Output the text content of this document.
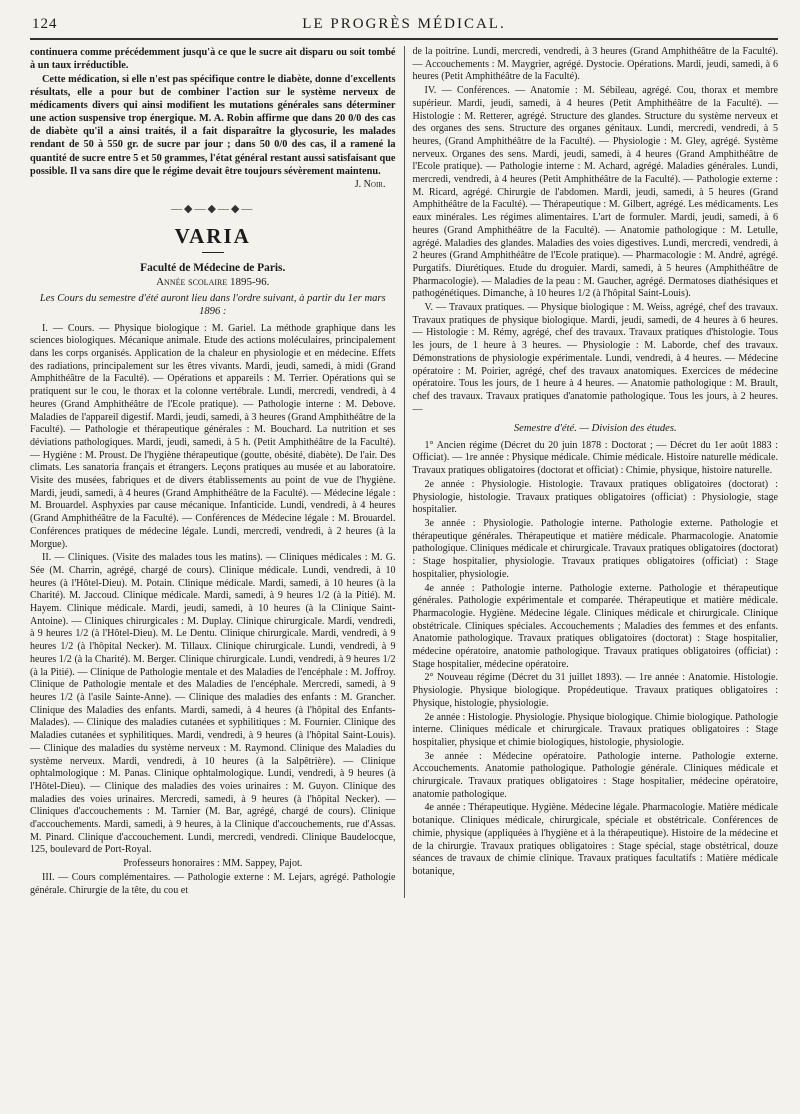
124	LE PROGRÈS MÉDICAL.

continuera comme précédemment jusqu'à ce que le sucre ait disparu ou soit tombé à un taux irréductible.

Cette médication, si elle n'est pas spécifique contre le diabète, donne d'excellents résultats, elle a pour but de combiner l'action sur le système nerveux de médicaments divers qui ainsi modifient les mutations générales sans déterminer une action suspensive trop énergique. M. A. Robin affirme que dans 20 0/0 des cas de diabète qu'il a ainsi traités, il a fait disparaître la glycosurie, les malades rendant de 50 à 550 gr. de sucre par jour ; dans 50 0/0 des cas, il a ramené la quantité de sucre entre 5 et 50 grammes, l'état général restant aussi satisfaisant que possible. Il va sans dire que le régime devait être toujours sévèrement maintenu.

J. Noir.
—◆—◆—◆—
VARIA
Faculté de Médecine de Paris.
Année scolaire 1895-96.
Les Cours du semestre d'été auront lieu dans l'ordre suivant, à partir du 1er mars 1896 :

I. — Cours. — Physique biologique : M. Gariel. La méthode graphique dans les sciences biologiques. Mécanique animale. Etude des actions moléculaires, principalement dans les corps organisés. Application de la chaleur en physiologie et en médecine. Effets des radiations, principalement sur les êtres vivants. Mardi, jeudi, samedi, à midi (Grand Amphithéâtre de la Faculté). — Opérations et appareils : M. Terrier. Opérations qui se pratiquent sur le cou, le thorax et la colonne vertébrale. Lundi, mercredi, vendredi, à 4 heures (Grand Amphithéâtre de l'Ecole pratique). — Pathologie interne : M. Debove. Maladies de l'appareil digestif. Mardi, jeudi, samedi, à 3 heures (Grand Amphithéâtre de la Faculté). — Pathologie et thérapeutique générales : M. Bouchard. La nutrition et ses déviations pathologiques. Mardi, jeudi, samedi, à 5 h. (Petit Amphithéâtre de la Faculté). — Hygiène : M. Proust. De l'hygiène thérapeutique (goutte, obésité, diabète). De l'air. Des climats. Les sanatoria français et étrangers. Leçons pratiques au musée et au laboratoire. Visite des musées, fabriques et de divers établissements au point de vue de l'hygiène. Mardi, jeudi, samedi, à 4 heures (Grand Amphithéâtre de la Faculté). — Médecine légale : M. Brouardel. Asphyxies par cause mécanique. Infanticide. Lundi, vendredi, à 4 heures (Grand Amphithéâtre de la Faculté). — Conférences de Médecine légale : M. Brouardel. Conférences pratiques de médecine légale. Lundi, mercredi, vendredi, à 2 heures (à la Morgue).

II. — Cliniques. (Visite des malades tous les matins). — Cliniques médicales : M. G. Sée (M. Charrin, agrégé, chargé de cours). Clinique médicale. Lundi, vendredi, à 10 heures (à l'Hôtel-Dieu). M. Potain. Clinique médicale. Mardi, samedi, à 10 heures (à la Charité). M. Jaccoud. Clinique médicale. Mardi, samedi, à 9 heures 1/2 (à la Pitié). M. Hayem. Clinique médicale. Mardi, jeudi, samedi, à 10 heures (à la Clinique Saint-Antoine). — Cliniques chirurgicales : M. Duplay. Clinique chirurgicale. Mardi, vendredi, à 9 heures 1/2 (à l'Hôtel-Dieu). M. Le Dentu. Clinique chirurgicale. Mardi, vendredi, à 9 heures 1/2 (à l'hôpital Necker). M. Tillaux. Clinique chirurgicale. Lundi, vendredi, à 9 heures 1/2 (à la Charité). M. Berger. Clinique chirurgicale. Lundi, vendredi, à 9 heures 1/2 (à la Pitié). — Clinique de Pathologie mentale et des Maladies de l'encéphale : M. Joffroy. Clinique de Pathologie mentale et des Maladies de l'encéphale. Mercredi, samedi, à 9 heures 1/2 (à l'asile Sainte-Anne). — Clinique des maladies des enfants : M. Grancher. Clinique des Maladies des enfants. Mardi, samedi, à 4 heures (à l'hôpital des Enfants-Malades). — Clinique des maladies cutanées et syphilitiques : M. Fournier. Clinique des Maladies cutanées et syphilitiques. Mardi, vendredi, à 9 heures (à l'hôpital Saint-Louis). — Clinique des maladies du système nerveux : M. Raymond. Clinique des Maladies du système nerveux. Mardi, vendredi, à 10 heures (à la Salpêtrière). — Clinique ophtalmologique : M. Panas. Clinique ophtalmologique. Lundi, vendredi, à 9 heures (à l'Hôtel-Dieu). — Clinique des maladies des voies urinaires : M. Guyon. Clinique des maladies des voies urinaires. Mercredi, samedi, à 9 heures (à l'hôpital Necker). — Cliniques d'accouchements : M. Tarnier (M. Bar, agrégé, chargé de cours). Clinique d'accouchements. Mardi, samedi, à 9 heures, à la Clinique d'accouchements, rue d'Assas. M. Pinard. Clinique d'accouchement. Lundi, mercredi, vendredi. Clinique Baudelocque, 125, boulevard de Port-Royal.

Professeurs honoraires : MM. Sappey, Pajot.

III. — Cours complémentaires. — Pathologie externe : M. Lejars, agrégé. Pathologie générale. Chirurgie de la tête, du cou et

de la poitrine. Lundi, mercredi, vendredi, à 3 heures (Grand Amphithéâtre de la Faculté). — Accouchements : M. Maygrier, agrégé. Dystocie. Opérations. Mardi, jeudi, samedi, à 6 heures (Petit Amphithéâtre de la Faculté).

IV. — Conférences. — Anatomie : M. Sébileau, agrégé. Cou, thorax et membre supérieur. Mardi, jeudi, samedi, à 4 heures (Petit Amphithéâtre de la Faculté). — Histologie : M. Retterer, agrégé. Structure des glandes. Structure du système nerveux et des organes des sens. Structure des organes génitaux. Lundi, mercredi, vendredi, à 5 heures, (Grand Amphithéâtre de la Faculté). — Physiologie : M. Gley, agrégé. Système nerveux. Organes des sens. Mardi, jeudi, samedi, à 4 heures (Grand Amphithéâtre de l'Ecole pratique). — Pathologie interne : M. Achard, agrégé. Maladies générales. Lundi, mercredi, vendredi, à 4 heures (Petit Amphithéâtre de la Faculté). — Pathologie externe : M. Ricard, agrégé. Chirurgie de l'abdomen. Mardi, jeudi, samedi, à 5 heures (Grand Amphithéâtre de la Faculté). — Thérapeutique : M. Gilbert, agrégé. Les médicaments. Les eaux minérales. Les régimes alimentaires. L'art de formuler. Mardi, jeudi, samedi, à 6 heures (Grand Amphithéâtre de la Faculté). — Anatomie pathologique : M. Letulle, agrégé. Maladies des glandes. Maladies des voies digestives. Lundi, mercredi, vendredi, à 2 heures (Grand Amphithéâtre de l'Ecole pratique). — Pharmacologie : M. André, agrégé. Purgatifs. Diurétiques. Etude du droguier. Mardi, samedi, à 5 heures (Amphithéâtre de Pharmacologie). — Maladies de la peau : M. Gaucher, agrégé. Dermatoses diathésiques et pathogénétiques. Dimanche, à 10 heures 1/2 (à l'hôpital Saint-Louis).

V. — Travaux pratiques. — Physique biologique : M. Weiss, agrégé, chef des travaux. Travaux pratiques de physique biologique. Mardi, jeudi, samedi, de 4 heures à 6 heures. — Histologie : M. Rémy, agrégé, chef des travaux. Travaux pratiques d'histologie. Tous les jours, de 1 heure à 3 heures. — Physiologie : M. Laborde, chef des travaux. Démonstrations de physiologie expérimentale. Lundi, vendredi, à 4 heures. — Médecine opératoire : M. Poirier, agrégé, chef des travaux anatomiques. Exercices de médecine opératoire. Tous les jours, de 1 heure à 4 heures. — Anatomie pathologique : M. Brault, chef des travaux. Travaux pratiques d'anatomie pathologique. Tous les jours, à 2 heures. —

Semestre d'été. — Division des études.

1° Ancien régime (Décret du 20 juin 1878 : Doctorat ; — Décret du 1er août 1883 : Officiat). — 1re année : Physique médicale. Chimie médicale. Histoire naturelle médicale. Travaux pratiques obligatoires (doctorat et officiat) : Chimie, physique, histoire naturelle.

2e année : Physiologie. Histologie. Travaux pratiques obligatoires (doctorat) : Physiologie, histologie. Travaux pratiques obligatoires (officiat) : Physiologie, stage hospitalier.

3e année : Physiologie. Pathologie interne. Pathologie externe. Pathologie et thérapeutique générales. Thérapeutique et matière médicale. Pharmacologie. Anatomie pathologique. Cliniques médicale et chirurgicale. Travaux pratiques obligatoires (doctorat) : Stage hospitalier, physiologie. Travaux pratiques obligatoires (officiat) : Stage hospitalier, physiologie.

4e année : Pathologie interne. Pathologie externe. Pathologie et thérapeutique générales. Pathologie expérimentale et comparée. Thérapeutique et matière médicale. Pharmacologie. Hygiène. Médecine légale. Cliniques médicale et chirurgicale. Clinique obstétricale. Cliniques spéciales. Accouchements ; Maladies des femmes et des enfants. Anatomie pathologique. Travaux pratiques obligatoires (doctorat) : Stage hospitalier, médecine opératoire, anatomie pathologique. Travaux pratiques obligatoires (officiat) : Stage hospitalier, médecine opératoire.

2° Nouveau régime (Décret du 31 juillet 1893). — 1re année : Anatomie. Histologie. Physiologie. Physique biologique. Propédeutique. Travaux pratiques obligatoires : Physique, histologie, physiologie.

2e année : Histologie. Physiologie. Physique biologique. Chimie biologique. Pathologie interne. Cliniques médicale et chirurgicale. Travaux pratiques obligatoires : Stage hospitalier, physique et chimie biologiques, histologie, physiologie.

3e année : Médecine opératoire. Pathologie interne. Pathologie externe. Accouchements. Anatomie pathologique. Pathologie générale. Cliniques médicale et chirurgicale. Travaux pratiques obligatoires : Stage hospitalier, médecine opératoire, anatomie pathologique.

4e année : Thérapeutique. Hygiène. Médecine légale. Pharmacologie. Matière médicale botanique. Cliniques médicale, chirurgicale, spéciale et obstétricale. Conférences de chimie, physique (appliquées à l'hygiène et à la thérapeutique). Histoire de la médecine et de la chirurgie. Travaux pratiques obligatoires : Stage spécial, stage obstétrical, douze séances de travaux de chimie clinique. Travaux pratiques facultatifs : Matière médicale botanique,
